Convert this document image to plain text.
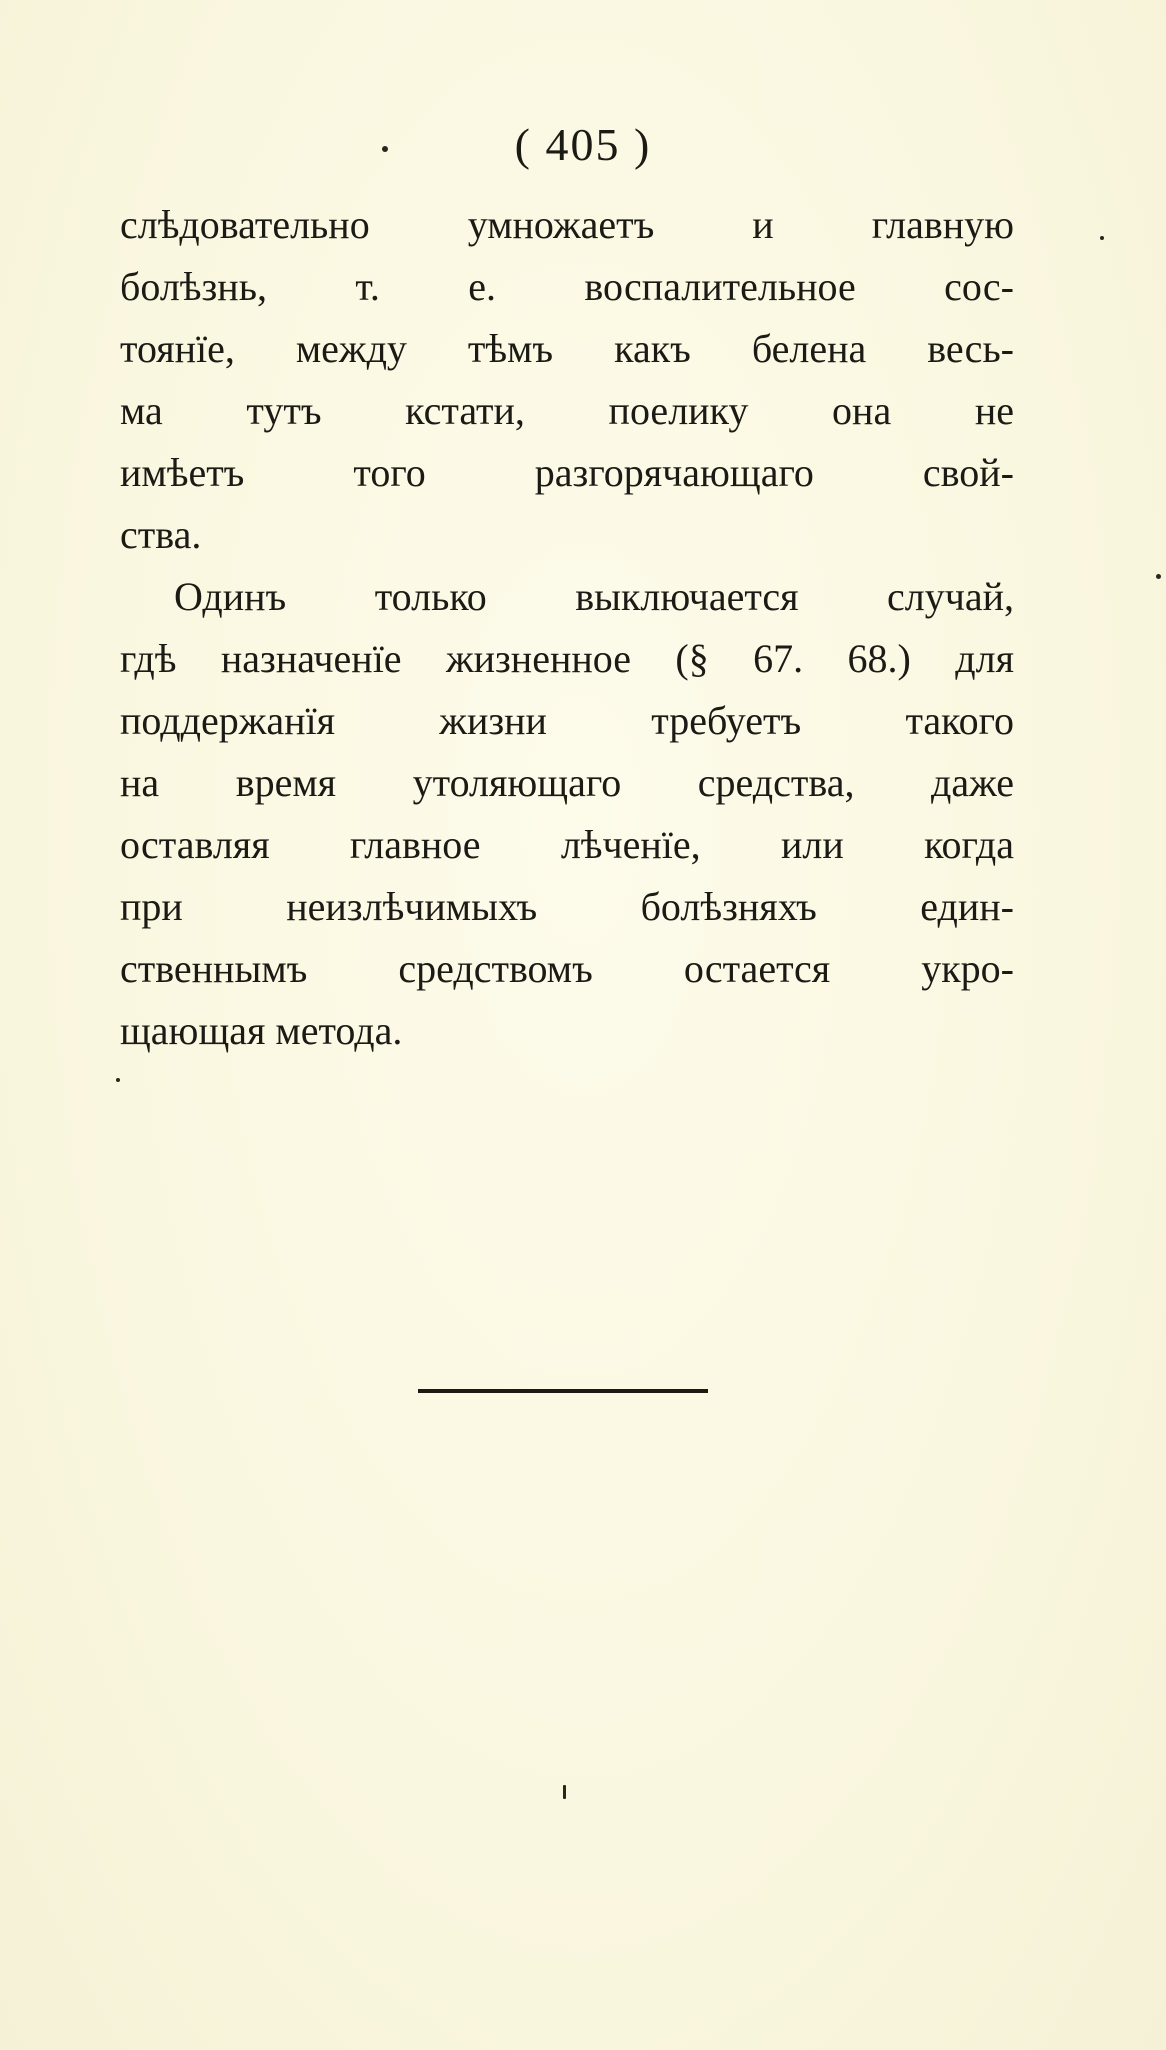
( 405 )
слѣдовательно умножаетъ и главную
болѣзнь, т. е. воспалительное сос-
тоянїе, между тѣмъ какъ белена весь-
ма тутъ кстати, поелику она не
имѣетъ того разгорячающаго свой-
ства.
Одинъ только выключается случай,
гдѣ назначенїе жизненное (§ 67. 68.) для
поддержанїя жизни требуетъ такого
на время утоляющаго средства, даже
оставляя главное лѣченїе, или когда
при неизлѣчимыхъ болѣзняхъ един-
ственнымъ средствомъ остается укро-
щающая метода.
